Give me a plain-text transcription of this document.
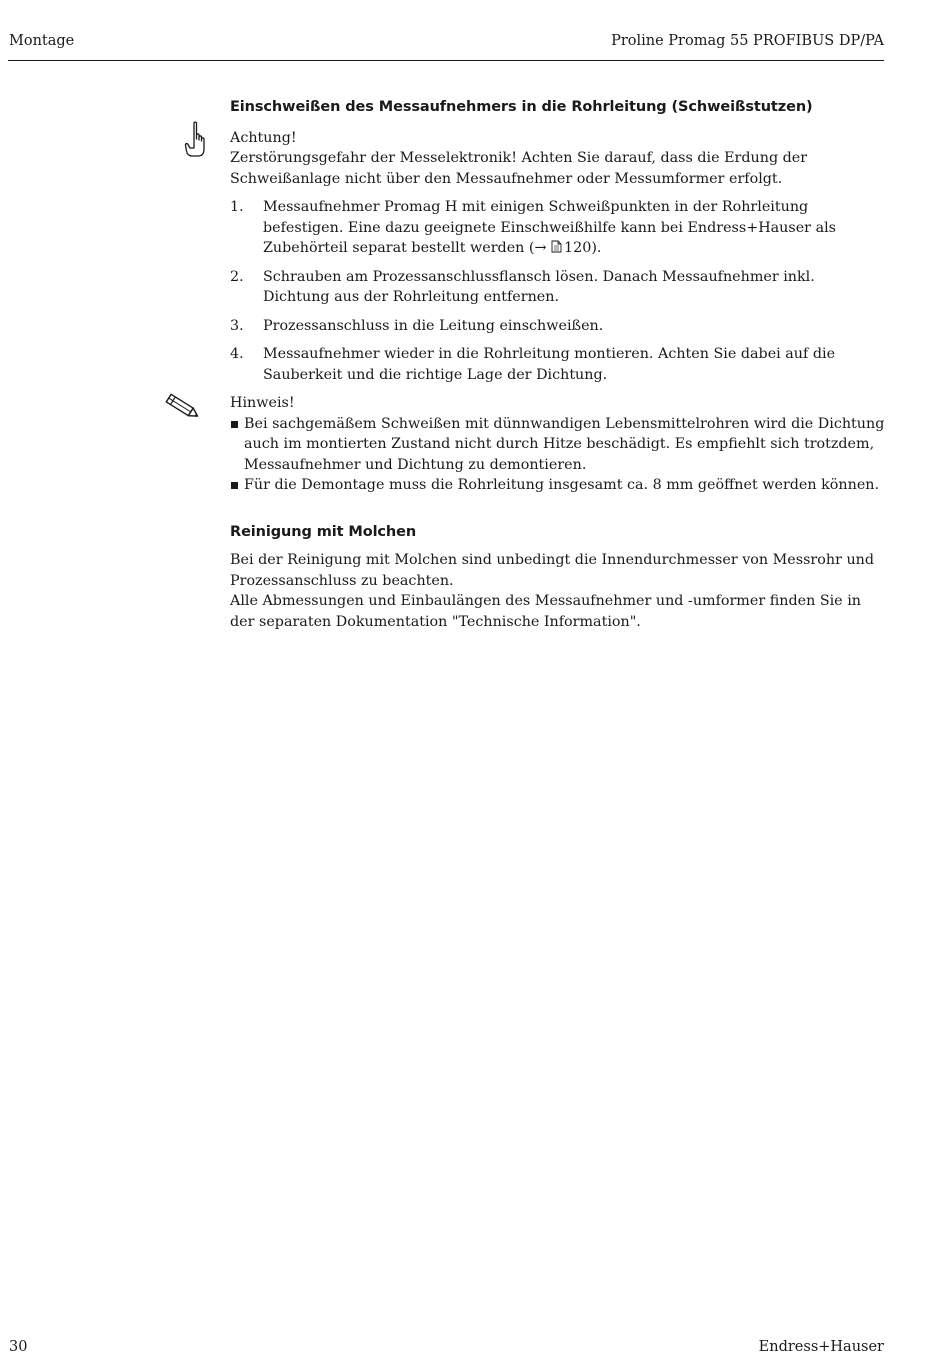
Montage	Proline Promag 55 PROFIBUS DP/PA
Einschweißen des Messaufnehmers in die Rohrleitung (Schweißstutzen)

Achtung!

Zerstörungsgefahr der Messelektronik! Achten Sie darauf, dass die Erdung der Schweißanlage nicht über den Messaufnehmer oder Messumformer erfolgt.

1. Messaufnehmer Promag H mit einigen Schweißpunkten in der Rohrleitung befestigen. Eine dazu geeignete Einschweißhilfe kann bei Endress+Hauser als Zubehörteil separat bestellt werden (→ 120).
2. Schrauben am Prozessanschlussflansch lösen. Danach Messaufnehmer inkl. Dichtung aus der Rohrleitung entfernen.
3. Prozessanschluss in die Leitung einschweißen.
4. Messaufnehmer wieder in die Rohrleitung montieren. Achten Sie dabei auf die Sauberkeit und die richtige Lage der Dichtung.

Hinweis!

Bei sachgemäßem Schweißen mit dünnwandigen Lebensmittelrohren wird die Dichtung auch im montierten Zustand nicht durch Hitze beschädigt. Es empfiehlt sich trotzdem, Messaufnehmer und Dichtung zu demontieren.
Für die Demontage muss die Rohrleitung insgesamt ca. 8 mm geöffnet werden können.
Reinigung mit Molchen

Bei der Reinigung mit Molchen sind unbedingt die Innendurchmesser von Messrohr und Prozessanschluss zu beachten.

Alle Abmessungen und Einbaulängen des Messaufnehmer und -umformer finden Sie in der separaten Dokumentation "Technische Information".

30	Endress+Hauser
